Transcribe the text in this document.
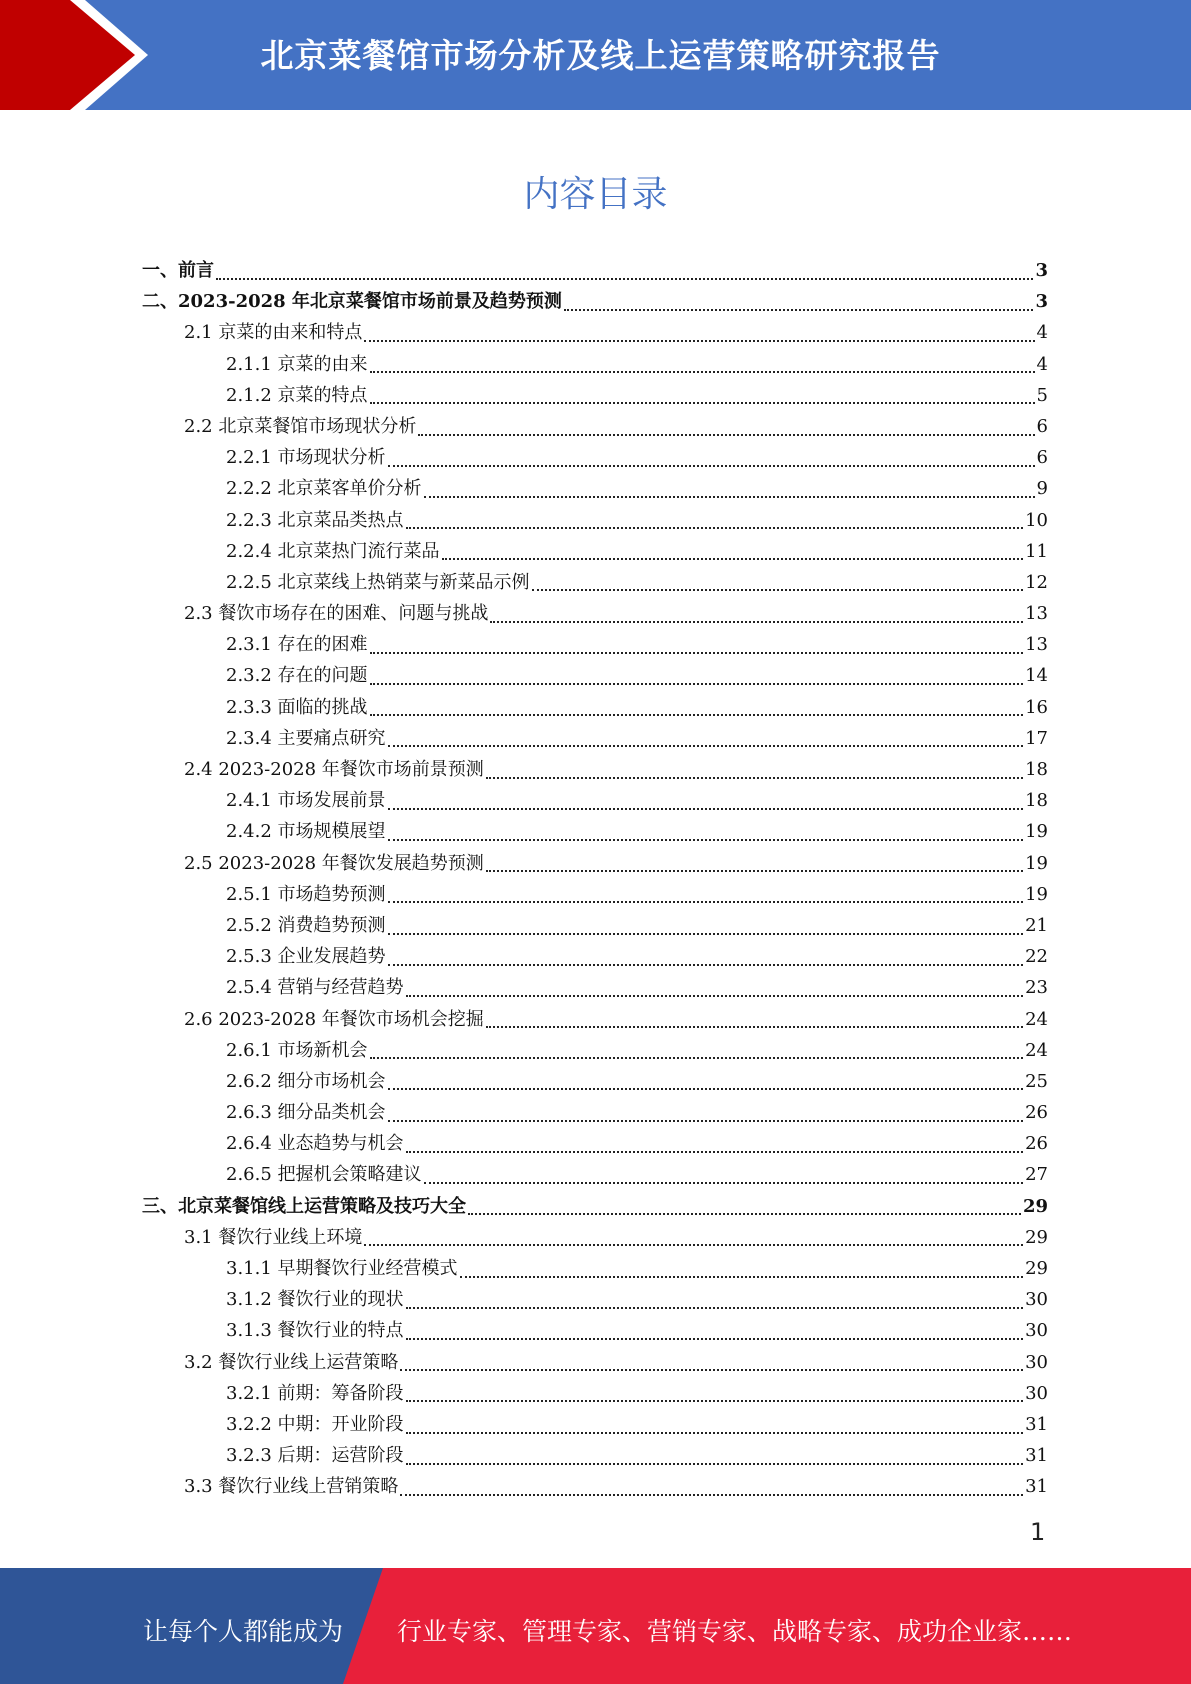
北京菜餐馆市场分析及线上运营策略研究报告
内容目录
一、前言	3
二、2023-2028 年北京菜餐馆市场前景及趋势预测	3
2.1 京菜的由来和特点	4
2.1.1 京菜的由来	4
2.1.2 京菜的特点	5
2.2 北京菜餐馆市场现状分析	6
2.2.1 市场现状分析	6
2.2.2 北京菜客单价分析	9
2.2.3 北京菜品类热点	10
2.2.4 北京菜热门流行菜品	11
2.2.5 北京菜线上热销菜与新菜品示例	12
2.3 餐饮市场存在的困难、问题与挑战	13
2.3.1 存在的困难	13
2.3.2 存在的问题	14
2.3.3 面临的挑战	16
2.3.4 主要痛点研究	17
2.4 2023-2028 年餐饮市场前景预测	18
2.4.1 市场发展前景	18
2.4.2 市场规模展望	19
2.5 2023-2028 年餐饮发展趋势预测	19
2.5.1 市场趋势预测	19
2.5.2 消费趋势预测	21
2.5.3 企业发展趋势	22
2.5.4 营销与经营趋势	23
2.6 2023-2028 年餐饮市场机会挖掘	24
2.6.1 市场新机会	24
2.6.2 细分市场机会	25
2.6.3 细分品类机会	26
2.6.4 业态趋势与机会	26
2.6.5 把握机会策略建议	27
三、北京菜餐馆线上运营策略及技巧大全	29
3.1 餐饮行业线上环境	29
3.1.1 早期餐饮行业经营模式	29
3.1.2 餐饮行业的现状	30
3.1.3 餐饮行业的特点	30
3.2 餐饮行业线上运营策略	30
3.2.1 前期：筹备阶段	30
3.2.2 中期：开业阶段	31
3.2.3 后期：运营阶段	31
3.3 餐饮行业线上营销策略	31
1
让每个人都能成为 行业专家、管理专家、营销专家、战略专家、成功企业家……
